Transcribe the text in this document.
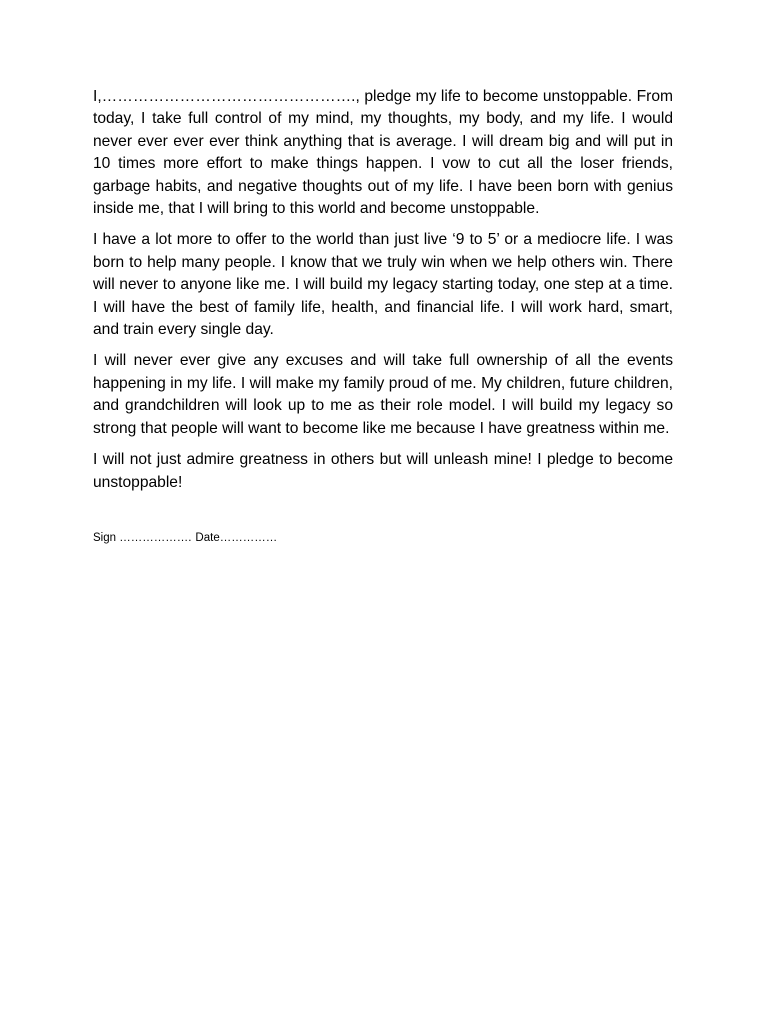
I,…………………………………………., pledge my life to become unstoppable. From today, I take full control of my mind, my thoughts, my body, and my life. I would never ever ever ever think anything that is average. I will dream big and will put in 10 times more effort to make things happen. I vow to cut all the loser friends, garbage habits, and negative thoughts out of my life. I have been born with genius inside me, that I will bring to this world and become unstoppable.

I have a lot more to offer to the world than just live ‘9 to 5’ or a mediocre life. I was born to help many people. I know that we truly win when we help others win. There will never to anyone like me. I will build my legacy starting today, one step at a time. I will have the best of family life, health, and financial life. I will work hard, smart, and train every single day.

I will never ever give any excuses and will take full ownership of all the events happening in my life. I will make my family proud of me. My children, future children, and grandchildren will look up to me as their role model. I will build my legacy so strong that people will want to become like me because I have greatness within me.

I will not just admire greatness in others but will unleash mine! I pledge to become unstoppable!

Sign ………………. Date……………
